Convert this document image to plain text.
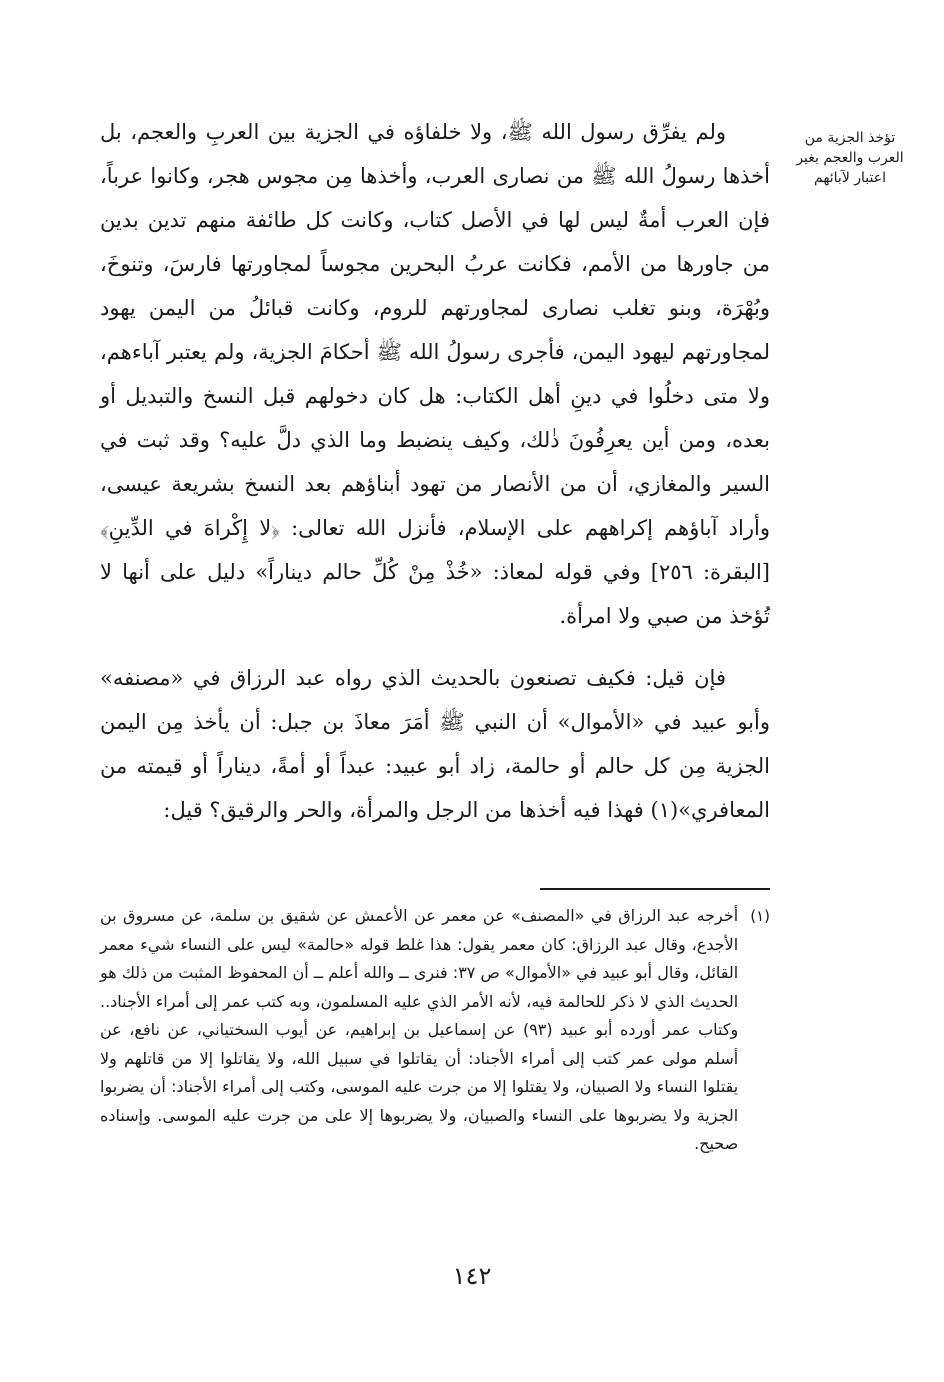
تؤخذ الجزية من العرب والعجم بغير اعتبار لآبائهم

ولم يفرِّق رسول الله ﷺ، ولا خلفاؤه في الجزية بين العربِ والعجم، بل أخذها رسولُ الله ﷺ من نصارى العرب، وأخذها مِن مجوس هجر، وكانوا عرباً، فإن العرب أمةٌ ليس لها في الأصل كتاب، وكانت كل طائفة منهم تدين بدين من جاورها من الأمم، فكانت عربُ البحرين مجوساً لمجاورتها فارسَ، وتنوخَ، وبُهْرَة، وبنو تغلب نصارى لمجاورتهم للروم، وكانت قبائلُ من اليمن يهود لمجاورتهم ليهود اليمن، فأجرى رسولُ الله ﷺ أحكامَ الجزية، ولم يعتبر آباءهم، ولا متى دخلُوا في دينِ أهل الكتاب: هل كان دخولهم قبل النسخ والتبديل أو بعده، ومن أين يعرِفُونَ ذٰلك، وكيف ينضبط وما الذي دلَّ عليه؟ وقد ثبت في السير والمغازي، أن من الأنصار من تهود أبناؤهم بعد النسخ بشريعة عيسى، وأراد آباؤهم إكراههم على الإسلام، فأنزل الله تعالى: ﴿لا إِكْراهَ في الدِّينِ﴾ [البقرة: ٢٥٦] وفي قوله لمعاذ: «خُذْ مِنْ كُلِّ حالم ديناراً» دليل على أنها لا تُؤخذ من صبي ولا امرأة.

فإن قيل: فكيف تصنعون بالحديث الذي رواه عبد الرزاق في «مصنفه» وأبو عبيد في «الأموال» أن النبي ﷺ أمَرَ معاذَ بن جبل: أن يأخذ مِن اليمن الجزية مِن كل حالم أو حالمة، زاد أبو عبيد: عبداً أو أمةً، ديناراً أو قيمته من المعافري»(١) فهذا فيه أخذها من الرجل والمرأة، والحر والرقيق؟ قيل:

(١)

أخرجه عبد الرزاق في «المصنف» عن معمر عن الأعمش عن شقيق بن سلمة، عن مسروق بن الأجدع، وقال عبد الرزاق: كان معمر يقول: هذا غلط قوله «حالمة» ليس على النساء شيء معمر القائل، وقال أبو عبيد في «الأموال» ص ٣٧: فنرى ــ والله أعلم ــ أن المحفوظ المثبت من ذلك هو الحديث الذي لا ذكر للحالمة فيه، لأنه الأمر الذي عليه المسلمون، وبه كتب عمر إلى أمراء الأجناد.. وكتاب عمر أورده أبو عبيد (٩٣) عن إسماعيل بن إبراهيم، عن أيوب السختياني، عن نافع، عن أسلم مولى عمر كتب إلى أمراء الأجناد: أن يقاتلوا في سبيل الله، ولا يقاتلوا إلا من قاتلهم ولا يقتلوا النساء ولا الصبيان، ولا يقتلوا إلا من جرت عليه الموسى، وكتب إلى أمراء الأجناد: أن يضربوا الجزية ولا يضربوها على النساء والصبيان، ولا يضربوها إلا على من جرت عليه الموسى. وإسناده صحيح.

١٤٢
